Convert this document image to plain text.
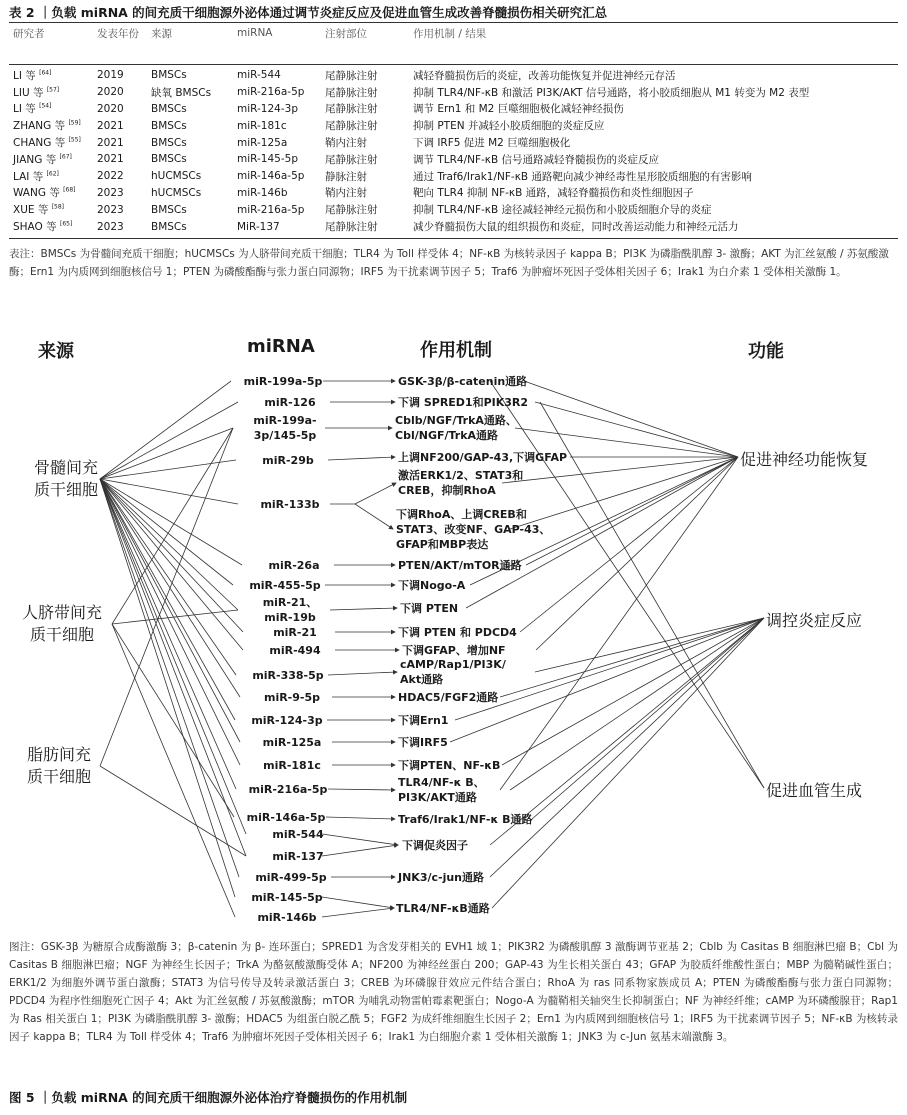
表 2 ｜负载 miRNA 的间充质干细胞源外泌体通过调节炎症反应及促进血管生成改善脊髓损伤相关研究汇总
研究者	发表年份	来源	miRNA	注射部位	作用机制 / 结果
LI 等 [64]	2019	BMSCs	miR-544	尾静脉注射	减轻脊髓损伤后的炎症，改善功能恢复并促进神经元存活
LIU 等 [57]	2020	缺氧 BMSCs	miR-216a-5p	尾静脉注射	抑制 TLR4/NF-κB 和激活 PI3K/AKT 信号通路，将小胶质细胞从 M1 转变为 M2 表型
LI 等 [54]	2020	BMSCs	miR-124-3p	尾静脉注射	调节 Ern1 和 M2 巨噬细胞极化减轻神经损伤
ZHANG 等 [59]	2021	BMSCs	miR-181c	尾静脉注射	抑制 PTEN 并减轻小胶质细胞的炎症反应
CHANG 等 [55]	2021	BMSCs	miR-125a	鞘内注射	下调 IRF5 促进 M2 巨噬细胞极化
JIANG 等 [67]	2021	BMSCs	miR-145-5p	尾静脉注射	调节 TLR4/NF-κB 信号通路减轻脊髓损伤的炎症反应
LAI 等 [62]	2022	hUCMSCs	miR-146a-5p	静脉注射	通过 Traf6/Irak1/NF-κB 通路靶向减少神经毒性星形胶质细胞的有害影响
WANG 等 [68]	2023	hUCMSCs	miR-146b	鞘内注射	靶向 TLR4 抑制 NF-κB 通路，减轻脊髓损伤和炎性细胞因子
XUE 等 [58]	2023	BMSCs	miR-216a-5p	尾静脉注射	抑制 TLR4/NF-κB 途径减轻神经元损伤和小胶质细胞介导的炎症
SHAO 等 [65]	2023	BMSCs	MiR-137	尾静脉注射	减少脊髓损伤大鼠的组织损伤和炎症，同时改善运动能力和神经元活力
表注：BMSCs 为骨髓间充质干细胞；hUCMSCs 为人脐带间充质干细胞；TLR4 为 Toll 样受体 4；NF-κB 为核转录因子 kappa B；PI3K 为磷脂酰肌醇 3- 激酶；AKT 为汇丝氨酸 / 苏氨酸激酶；Ern1 为内质网到细胞核信号 1；PTEN 为磷酸酯酶与张力蛋白同源物；IRF5 为干扰素调节因子 5；Traf6 为肿瘤坏死因子受体相关因子 6；Irak1 为白介素 1 受体相关激酶 1。
来源	miRNA	作用机制	功能
骨髓间充
质干细胞
人脐带间充
质干细胞
脂肪间充
质干细胞
促进神经功能恢复
调控炎症反应
促进血管生成
miR-199a-5p
miR-126
miR-199a-
3p/145-5p
miR-29b
miR-133b
miR-26a
miR-455-5p
miR-21、
miR-19b
miR-21
miR-494
miR-338-5p
miR-9-5p
miR-124-3p
miR-125a
miR-181c
miR-216a-5p
miR-146a-5p
miR-544
miR-137
miR-499-5p
miR-145-5p
miR-146b
GSK-3β/β-catenin通路
下调 SPRED1和PIK3R2
Cblb/NGF/TrkA通路、
Cbl/NGF/TrkA通路
上调NF200/GAP-43,下调GFAP
激活ERK1/2、STAT3和
CREB，抑制RhoA
下调RhoA、上调CREB和
STAT3、改变NF、GAP-43、
GFAP和MBP表达
PTEN/AKT/mTOR通路
下调Nogo-A
下调 PTEN
下调 PTEN 和 PDCD4
下调GFAP、增加NF
cAMP/Rap1/PI3K/
Akt通路
HDAC5/FGF2通路
下调Ern1
下调IRF5
下调PTEN、NF-κB
TLR4/NF-κ B、
PI3K/AKT通路
Traf6/Irak1/NF-κ B通路
下调促炎因子
JNK3/c-jun通路
TLR4/NF-κB通路
图注：GSK-3β 为糖原合成酶激酶 3；β-catenin 为 β- 连环蛋白；SPRED1 为含发芽相关的 EVH1 域 1；PIK3R2 为磷酸肌醇 3 激酶调节亚基 2；Cblb 为 Casitas B 细胞淋巴瘤 B；Cbl 为 Casitas B 细胞淋巴瘤；NGF 为神经生长因子；TrkA 为酪氨酸激酶受体 A；NF200 为神经丝蛋白 200；GAP-43 为生长相关蛋白 43；GFAP 为胶质纤维酸性蛋白；MBP 为髓鞘碱性蛋白；ERK1/2 为细胞外调节蛋白激酶；STAT3 为信号传导及转录激活蛋白 3；CREB 为环磷腺苷效应元件结合蛋白；RhoA 为 ras 同系物家族成员 A；PTEN 为磷酸酯酶与张力蛋白同源物；PDCD4 为程序性细胞死亡因子 4；Akt 为汇丝氨酸 / 苏氨酸激酶；mTOR 为哺乳动物雷帕霉素靶蛋白；Nogo-A 为髓鞘相关轴突生长抑制蛋白；NF 为神经纤维；cAMP 为环磷酸腺苷；Rap1 为 Ras 相关蛋白 1；PI3K 为磷脂酰肌醇 3- 激酶；HDAC5 为组蛋白脱乙酰 5；FGF2 为成纤维细胞生长因子 2；Ern1 为内质网到细胞核信号 1；IRF5 为干扰素调节因子 5；NF-κB 为核转录因子 kappa B；TLR4 为 Toll 样受体 4；Traf6 为肿瘤坏死因子受体相关因子 6；Irak1 为白细胞介素 1 受体相关激酶 1；JNK3 为 c-Jun 氨基末端激酶 3。
图 5 ｜负载 miRNA 的间充质干细胞源外泌体治疗脊髓损伤的作用机制
